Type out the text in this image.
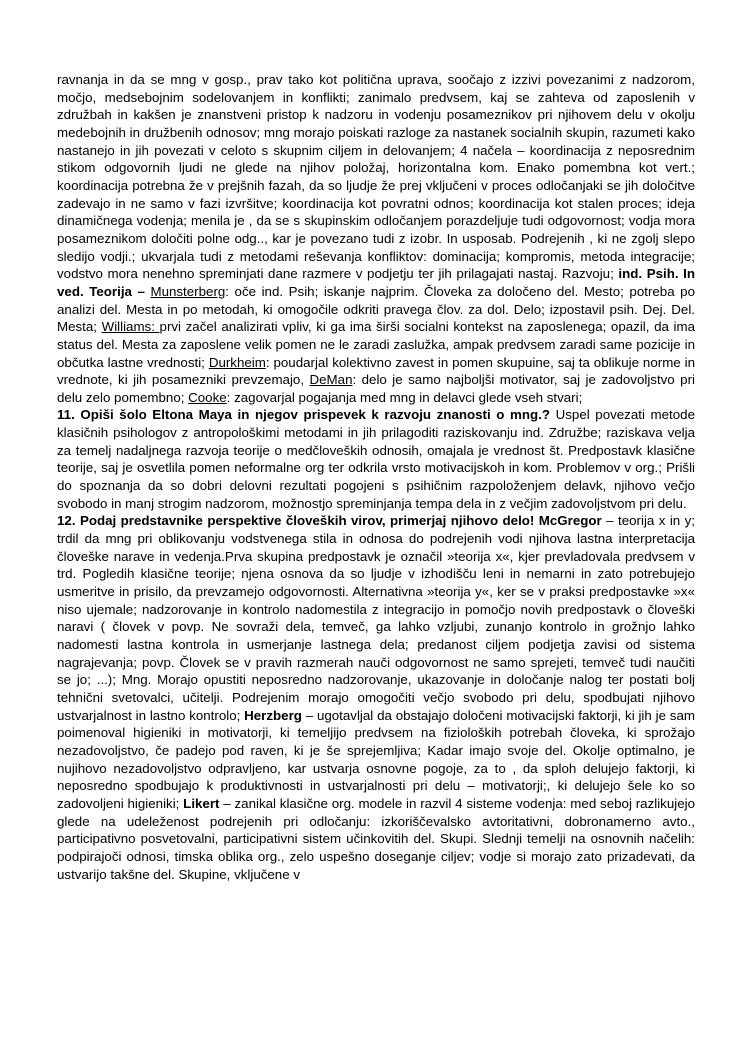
ravnanja in da se mng v gosp., prav tako kot politična uprava, soočajo z izzivi povezanimi z nadzorom, močjo, medsebojnim sodelovanjem in konflikti; zanimalo predvsem, kaj se zahteva od zaposlenih v združbah in kakšen je znanstveni pristop k nadzoru in vodenju posameznikov pri njihovem delu v okolju medebojnih in družbenih odnosov; mng morajo poiskati razloge za nastanek socialnih skupin, razumeti kako nastanejo in jih povezati v celoto s skupnim ciljem in delovanjem; 4 načela – koordinacija z neposrednim stikom odgovornih ljudi ne glede na njihov položaj, horizontalna kom. Enako pomembna kot vert.; koordinacija potrebna že v prejšnih fazah, da so ljudje že prej vključeni v proces odločanjaki se jih določitve zadevajo in ne samo v fazi izvršitve; koordinacija kot povratni odnos; koordinacija kot stalen proces; ideja dinamičnega vodenja; menila je , da se s skupinskim odločanjem porazdeljuje tudi odgovornost; vodja mora posameznikom določiti polne odg.., kar je povezano tudi z izobr. In usposab. Podrejenih , ki ne zgolj slepo sledijo vodji.; ukvarjala tudi z metodami reševanja konfliktov: dominacija; kompromis, metoda integracije; vodstvo mora nenehno spreminjati dane razmere v podjetju ter jih prilagajati nastaj. Razvoju; ind. Psih. In ved. Teorija – Munsterberg: oče ind. Psih; iskanje najprim. Človeka za določeno del. Mesto; potreba po analizi del. Mesta in po metodah, ki omogočile odkriti pravega člov. za dol. Delo; izpostavil psih. Dej. Del. Mesta; Williams: prvi začel analizirati vpliv, ki ga ima širši socialni kontekst na zaposlenega; opazil, da ima status del. Mesta za zaposlene velik pomen ne le zaradi zaslužka, ampak predvsem zaradi same pozicije in občutka lastne vrednosti; Durkheim: poudarjal kolektivno zavest in pomen skupuine, saj ta oblikuje norme in vrednote, ki jih posamezniki prevzemajo, DeMan: delo je samo najboljši motivator, saj je zadovoljstvo pri delu zelo pomembno; Cooke: zagovarjal pogajanja med mng in delavci glede vseh stvari;

11. Opiši šolo Eltona Maya in njegov prispevek k razvoju znanosti o mng.? Uspel povezati metode klasičnih psihologov z antropološkimi metodami in jih prilagoditi raziskovanju ind. Združbe; raziskava velja za temelj nadaljnega razvoja teorije o medčloveških odnosih, omajala je vrednost št. Predpostavk klasične teorije, saj je osvetlila pomen neformalne org ter odkrila vrsto motivacijskoh in kom. Problemov v org.; Prišli do spoznanja da so dobri delovni rezultati pogojeni s psihičnim razpoloženjem delavk, njihovo večjo svobodo in manj strogim nadzorom, možnostjo spreminjanja tempa dela in z večjim zadovoljstvom pri delu.

12. Podaj predstavnike perspektive človeških virov, primerjaj njihovo delo! McGregor – teorija x in y; trdil da mng pri oblikovanju vodstvenega stila in odnosa do podrejenih vodi njihova lastna interpretacija človeške narave in vedenja.Prva skupina predpostavk je označil »teorija x«, kjer prevladovala predvsem v trd. Pogledih klasične teorije; njena osnova da so ljudje v izhodišču leni in nemarni in zato potrebujejo usmeritve in prisilo, da prevzamejo odgovornosti. Alternativna »teorija y«, ker se v praksi predpostavke »x« niso ujemale; nadzorovanje in kontrolo nadomestila z integracijo in pomočjo novih predpostavk o človeški naravi ( človek v povp. Ne sovraži dela, temveč, ga lahko vzljubi, zunanjo kontrolo in grožnjo lahko nadomesti lastna kontrola in usmerjanje lastnega dela; predanost ciljem podjetja zavisi od sistema nagrajevanja; povp. Človek se v pravih razmerah nauči odgovornost ne samo sprejeti, temveč tudi naučiti se jo; ...); Mng. Morajo opustiti neposredno nadzorovanje, ukazovanje in določanje nalog ter postati bolj tehnični svetovalci, učitelji. Podrejenim morajo omogočiti večjo svobodo pri delu, spodbujati njihovo ustvarjalnost in lastno kontrolo; Herzberg – ugotavljal da obstajajo določeni motivacijski faktorji, ki jih je sam poimenoval higieniki in motivatorji, ki temeljijo predvsem na fizioloških potrebah človeka, ki sprožajo nezadovoljstvo, če padejo pod raven, ki je še sprejemljiva; Kadar imajo svoje del. Okolje optimalno, je nujihovo nezadovoljstvo odpravljeno, kar ustvarja osnovne pogoje, za to , da sploh delujejo faktorji, ki neposredno spodbujajo k produktivnosti in ustvarjalnosti pri delu – motivatorji;, ki delujejo šele ko so zadovoljeni higieniki; Likert – zanikal klasične org. modele in razvil 4 sisteme vodenja: med seboj razlikujejo glede na udeleženost podrejenih pri odločanju: izkoriščevalsko avtoritativni, dobronamerno avto., participativno posvetovalni, participativni sistem učinkovitih del. Skupi. Slednji temelji na osnovnih načelih: podpirajoči odnosi, timska oblika org., zelo uspešno doseganje ciljev; vodje si morajo zato prizadevati, da ustvarijo takšne del. Skupine, vključene v
